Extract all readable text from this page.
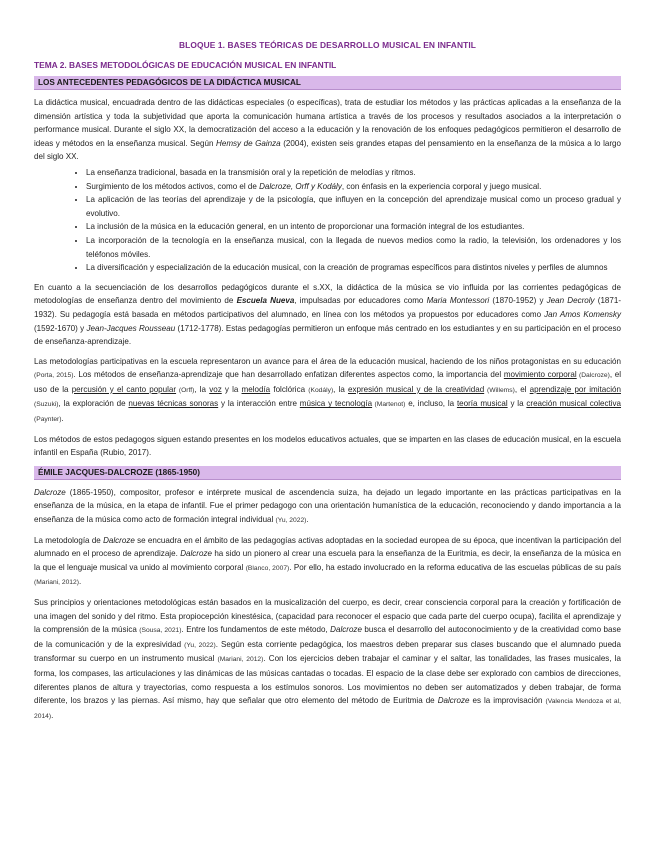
BLOQUE 1. BASES TEÓRICAS DE DESARROLLO MUSICAL EN INFANTIL
TEMA 2. BASES METODOLÓGICAS DE EDUCACIÓN MUSICAL EN INFANTIL
LOS ANTECEDENTES PEDAGÓGICOS DE LA DIDÁCTICA MUSICAL

La didáctica musical, encuadrada dentro de las didácticas especiales (o específicas), trata de estudiar los métodos y las prácticas aplicadas a la enseñanza de la dimensión artística y toda la subjetividad que aporta la comunicación humana artística a través de los procesos y resultados asociados a la interpretación o performance musical. Durante el siglo XX, la democratización del acceso a la educación y la renovación de los enfoques pedagógicos permitieron el desarrollo de ideas y métodos en la enseñanza musical. Según Hemsy de Gainza (2004), existen seis grandes etapas del pensamiento en la enseñanza de la música a lo largo del siglo XX.

• La enseñanza tradicional, basada en la transmisión oral y la repetición de melodías y ritmos.
• Surgimiento de los métodos activos, como el de Dalcroze, Orff y Kodály, con énfasis en la experiencia corporal y juego musical.
• La aplicación de las teorías del aprendizaje y de la psicología, que influyen en la concepción del aprendizaje musical como un proceso gradual y evolutivo.
• La inclusión de la música en la educación general, en un intento de proporcionar una formación integral de los estudiantes.
• La incorporación de la tecnología en la enseñanza musical, con la llegada de nuevos medios como la radio, la televisión, los ordenadores y los teléfonos móviles.
• La diversificación y especialización de la educación musical, con la creación de programas específicos para distintos niveles y perfiles de alumnos

En cuanto a la secuenciación de los desarrollos pedagógicos durante el s.XX, la didáctica de la música se vio influida por las corrientes pedagógicas de metodologías de enseñanza dentro del movimiento de Escuela Nueva, impulsadas por educadores como Maria Montessori (1870-1952) y Jean Decroly (1871-1932). Su pedagogía está basada en métodos participativos del alumnado, en línea con los métodos ya propuestos por educadores como Jan Amos Komensky (1592-1670) y Jean-Jacques Rousseau (1712-1778). Estas pedagogías permitieron un enfoque más centrado en los estudiantes y en su participación en el proceso de enseñanza-aprendizaje.

Las metodologías participativas en la escuela representaron un avance para el área de la educación musical, haciendo de los niños protagonistas en su educación (Porta, 2015). Los métodos de enseñanza-aprendizaje que han desarrollado enfatizan diferentes aspectos como, la importancia del movimiento corporal (Dalcroze), el uso de la percusión y el canto popular (Orff), la voz y la melodía folclórica (Kodály), la expresión musical y de la creatividad (Willems), el aprendizaje por imitación (Suzuki), la exploración de nuevas técnicas sonoras y la interacción entre música y tecnología (Martenot) e, incluso, la teoría musical y la creación musical colectiva (Paynter).

Los métodos de estos pedagogos siguen estando presentes en los modelos educativos actuales, que se imparten en las clases de educación musical, en la escuela infantil en España (Rubio, 2017).

ÉMILE JACQUES-DALCROZE (1865-1950)

Dalcroze (1865-1950), compositor, profesor e intérprete musical de ascendencia suiza, ha dejado un legado importante en las prácticas participativas en la enseñanza de la música, en la etapa de infantil. Fue el primer pedagogo con una orientación humanística de la educación, reconociendo y dando importancia a la enseñanza de la música como acto de formación integral individual (Yu, 2022).

La metodología de Dalcroze se encuadra en el ámbito de las pedagogías activas adoptadas en la sociedad europea de su época, que incentivan la participación del alumnado en el proceso de aprendizaje. Dalcroze ha sido un pionero al crear una escuela para la enseñanza de la Euritmia, es decir, la enseñanza de la música en la que el lenguaje musical va unido al movimiento corporal (Blanco, 2007). Por ello, ha estado involucrado en la reforma educativa de las escuelas públicas de su país (Mariani, 2012).

Sus principios y orientaciones metodológicas están basados en la musicalización del cuerpo, es decir, crear consciencia corporal para la creación y fortificación de una imagen del sonido y del ritmo. Esta propiocepción kinestésica, (capacidad para reconocer el espacio que cada parte del cuerpo ocupa), facilita el aprendizaje y la comprensión de la música (Sousa, 2021). Entre los fundamentos de este método, Dalcroze busca el desarrollo del autoconocimiento y de la creatividad como base de la comunicación y de la expresividad (Yu, 2022). Según esta corriente pedagógica, los maestros deben preparar sus clases buscando que el alumnado pueda transformar su cuerpo en un instrumento musical (Mariani, 2012). Con los ejercicios deben trabajar el caminar y el saltar, las tonalidades, las frases musicales, la forma, los compases, las articulaciones y las dinámicas de las músicas cantadas o tocadas. El espacio de la clase debe ser explorado con cambios de direcciones, diferentes planos de altura y trayectorias, como respuesta a los estímulos sonoros. Los movimientos no deben ser automatizados y deben trabajar, de forma diferente, los brazos y las piernas. Así mismo, hay que señalar que otro elemento del método de Euritmia de Dalcroze es la improvisación (Valencia Mendoza et al, 2014).
